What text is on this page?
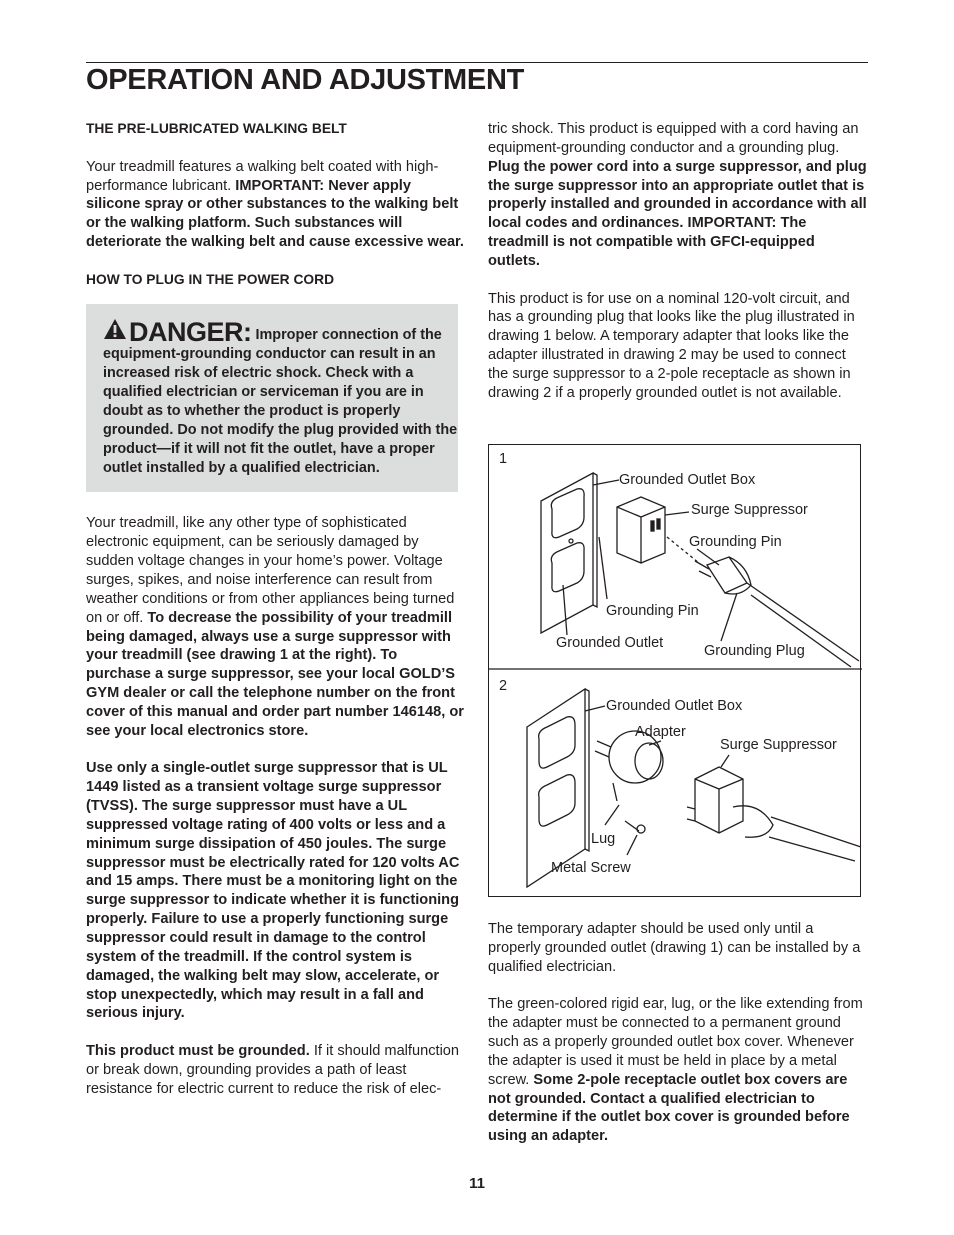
OPERATION AND ADJUSTMENT

THE PRE-LUBRICATED WALKING BELT

Your treadmill features a walking belt coated with high-performance lubricant. IMPORTANT: Never apply silicone spray or other substances to the walking belt or the walking platform. Such substances will deteriorate the walking belt and cause excessive wear.

HOW TO PLUG IN THE POWER CORD

DANGER: Improper connection of the equipment-grounding conductor can result in an increased risk of electric shock. Check with a qualified electrician or serviceman if you are in doubt as to whether the product is properly grounded. Do not modify the plug provided with the product—if it will not fit the outlet, have a proper outlet installed by a qualified electrician.

Your treadmill, like any other type of sophisticated electronic equipment, can be seriously damaged by sudden voltage changes in your home’s power. Voltage surges, spikes, and noise interference can result from weather conditions or from other appliances being turned on or off. To decrease the possibility of your treadmill being damaged, always use a surge suppressor with your treadmill (see drawing 1 at the right). To purchase a surge suppressor, see your local GOLD’S GYM dealer or call the telephone number on the front cover of this manual and order part number 146148, or see your local electronics store.

Use only a single-outlet surge suppressor that is UL 1449 listed as a transient voltage surge suppressor (TVSS). The surge suppressor must have a UL suppressed voltage rating of 400 volts or less and a minimum surge dissipation of 450 joules. The surge suppressor must be electrically rated for 120 volts AC and 15 amps. There must be a monitoring light on the surge suppressor to indicate whether it is functioning properly. Failure to use a properly functioning surge suppressor could result in damage to the control system of the treadmill. If the control system is damaged, the walking belt may slow, accelerate, or stop unexpectedly, which may result in a fall and serious injury.

This product must be grounded. If it should malfunction or break down, grounding provides a path of least resistance for electric current to reduce the risk of elec-

tric shock. This product is equipped with a cord having an equipment-grounding conductor and a grounding plug. Plug the power cord into a surge suppressor, and plug the surge suppressor into an appropriate outlet that is properly installed and grounded in accordance with all local codes and ordinances. IMPORTANT: The treadmill is not compatible with GFCI-equipped outlets.

This product is for use on a nominal 120-volt circuit, and has a grounding plug that looks like the plug illustrated in drawing 1 below. A temporary adapter that looks like the adapter illustrated in drawing 2 may be used to connect the surge suppressor to a 2-pole receptacle as shown in drawing 2 if a properly grounded outlet is not available.

1
Grounded Outlet Box
Surge Suppressor
Grounding Pin
Grounding Pin
Grounded Outlet	Grounding Plug
2
Grounded Outlet Box
Adapter
Surge Suppressor
Lug
Metal Screw

The temporary adapter should be used only until a properly grounded outlet (drawing 1) can be installed by a qualified electrician.

The green-colored rigid ear, lug, or the like extending from the adapter must be connected to a permanent ground such as a properly grounded outlet box cover. Whenever the adapter is used it must be held in place by a metal screw. Some 2-pole receptacle outlet box covers are not grounded. Contact a qualified electrician to determine if the outlet box cover is grounded before using an adapter.

11
